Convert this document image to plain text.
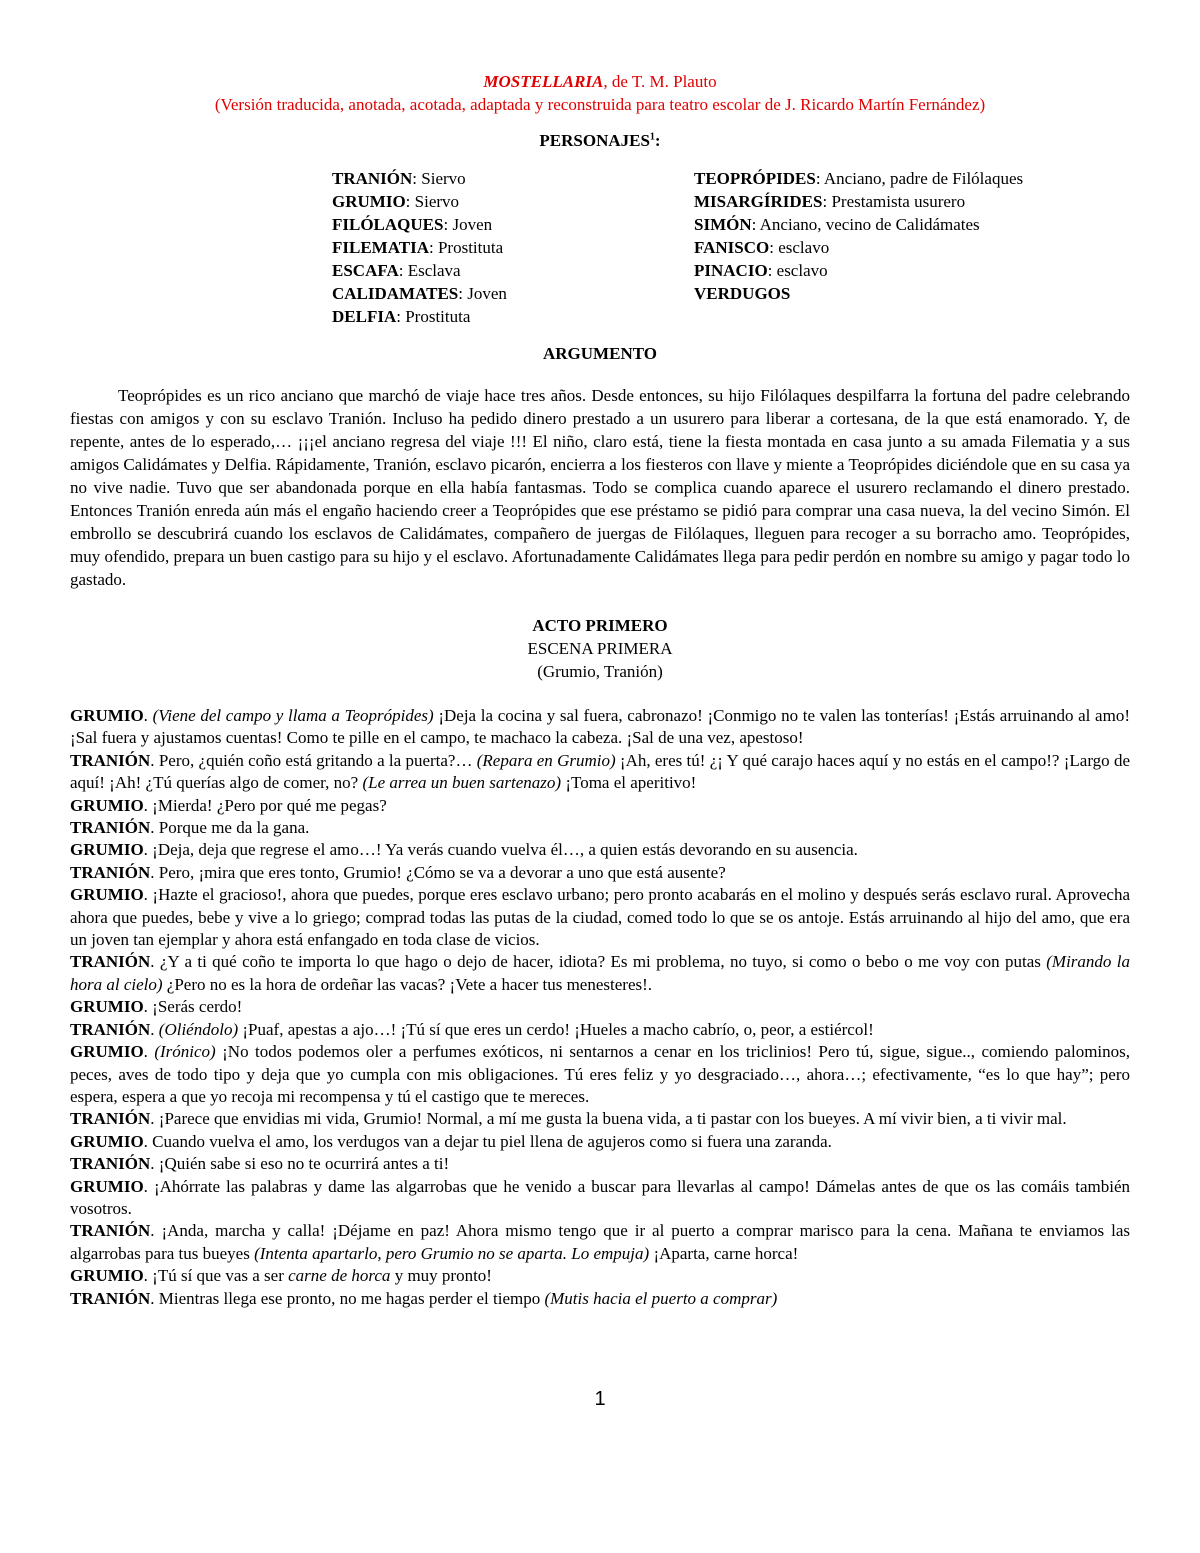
MOSTELLARIA, de T. M. Plauto
(Versión traducida, anotada, acotada, adaptada y reconstruida para teatro escolar de J. Ricardo Martín Fernández)
PERSONAJES$^1$:
TRANIÓN: Siervo
GRUMIO: Siervo
FILÓLAQUES: Joven
FILEMATIA: Prostituta
ESCAFA: Esclava
CALIDAMATES: Joven
DELFIA: Prostituta
TEOPRÓPIDES: Anciano, padre de Filólaques
MISARGÍRIDES: Prestamista usurero
SIMÓN: Anciano, vecino de Calidámates
FANISCO: esclavo
PINACIO: esclavo
VERDUGOS
ARGUMENTO
Teoprópides es un rico anciano que marchó de viaje hace tres años. Desde entonces, su hijo Filólaques despilfarra la fortuna del padre celebrando fiestas con amigos y con su esclavo Tranión. Incluso ha pedido dinero prestado a un usurero para liberar a cortesana, de la que está enamorado. Y, de repente, antes de lo esperado,… ¡¡¡el anciano regresa del viaje !!! El niño, claro está, tiene la fiesta montada en casa junto a su amada Filematia y a sus amigos Calidámates y Delfia. Rápidamente, Tranión, esclavo picarón, encierra a los fiesteros con llave y miente a Teoprópides diciéndole que en su casa ya no vive nadie. Tuvo que ser abandonada porque en ella había fantasmas. Todo se complica cuando aparece el usurero reclamando el dinero prestado. Entonces Tranión enreda aún más el engaño haciendo creer a Teoprópides que ese préstamo se pidió para comprar una casa nueva, la del vecino Simón. El embrollo se descubrirá cuando los esclavos de Calidámates, compañero de juergas de Filólaques, lleguen para recoger a su borracho amo. Teoprópides, muy ofendido, prepara un buen castigo para su hijo y el esclavo. Afortunadamente Calidámates llega para pedir perdón en nombre su amigo y pagar todo lo gastado.
ACTO PRIMERO
ESCENA PRIMERA
(Grumio, Tranión)

GRUMIO. (Viene del campo y llama a Teoprópides) ¡Deja la cocina y sal fuera, cabronazo! ¡Conmigo no te valen las tonterías! ¡Estás arruinando al amo! ¡Sal fuera y ajustamos cuentas! Como te pille en el campo, te machaco la cabeza. ¡Sal de una vez, apestoso!

TRANIÓN. Pero, ¿quién coño está gritando a la puerta?… (Repara en Grumio) ¡Ah, eres tú! ¿¡ Y qué carajo haces aquí y no estás en el campo!? ¡Largo de aquí! ¡Ah! ¿Tú querías algo de comer, no? (Le arrea un buen sartenazo) ¡Toma el aperitivo!

GRUMIO. ¡Mierda! ¿Pero por qué me pegas?

TRANIÓN. Porque me da la gana.

GRUMIO. ¡Deja, deja que regrese el amo…! Ya verás cuando vuelva él…, a quien estás devorando en su ausencia.

TRANIÓN. Pero, ¡mira que eres tonto, Grumio! ¿Cómo se va a devorar a uno que está ausente?

GRUMIO. ¡Hazte el gracioso!, ahora que puedes, porque eres esclavo urbano; pero pronto acabarás en el molino y después serás esclavo rural. Aprovecha ahora que puedes, bebe y vive a lo griego; comprad todas las putas de la ciudad, comed todo lo que se os antoje. Estás arruinando al hijo del amo, que era un joven tan ejemplar y ahora está enfangado en toda clase de vicios.

TRANIÓN. ¿Y a ti qué coño te importa lo que hago o dejo de hacer, idiota? Es mi problema, no tuyo, si como o bebo o me voy con putas (Mirando la hora al cielo) ¿Pero no es la hora de ordeñar las vacas? ¡Vete a hacer tus menesteres!.

GRUMIO. ¡Serás cerdo!

TRANIÓN. (Oliéndolo) ¡Puaf, apestas a ajo…! ¡Tú sí que eres un cerdo! ¡Hueles a macho cabrío, o, peor, a estiércol!

GRUMIO. (Irónico) ¡No todos podemos oler a perfumes exóticos, ni sentarnos a cenar en los triclinios! Pero tú, sigue, sigue.., comiendo palominos, peces, aves de todo tipo y deja que yo cumpla con mis obligaciones. Tú eres feliz y yo desgraciado…, ahora…; efectivamente, “es lo que hay”; pero espera, espera a que yo recoja mi recompensa y tú el castigo que te mereces.

TRANIÓN. ¡Parece que envidias mi vida, Grumio! Normal, a mí me gusta la buena vida, a ti pastar con los bueyes. A mí vivir bien, a ti vivir mal.

GRUMIO. Cuando vuelva el amo, los verdugos van a dejar tu piel llena de agujeros como si fuera una zaranda.

TRANIÓN. ¡Quién sabe si eso no te ocurrirá antes a ti!

GRUMIO. ¡Ahórrate las palabras y dame las algarrobas que he venido a buscar para llevarlas al campo! Dámelas antes de que os las comáis también vosotros.

TRANIÓN. ¡Anda, marcha y calla! ¡Déjame en paz! Ahora mismo tengo que ir al puerto a comprar marisco para la cena. Mañana te enviamos las algarrobas para tus bueyes (Intenta apartarlo, pero Grumio no se aparta. Lo empuja) ¡Aparta, carne horca!

GRUMIO. ¡Tú sí que vas a ser carne de horca y muy pronto!

TRANIÓN. Mientras llega ese pronto, no me hagas perder el tiempo (Mutis hacia el puerto a comprar)

1
